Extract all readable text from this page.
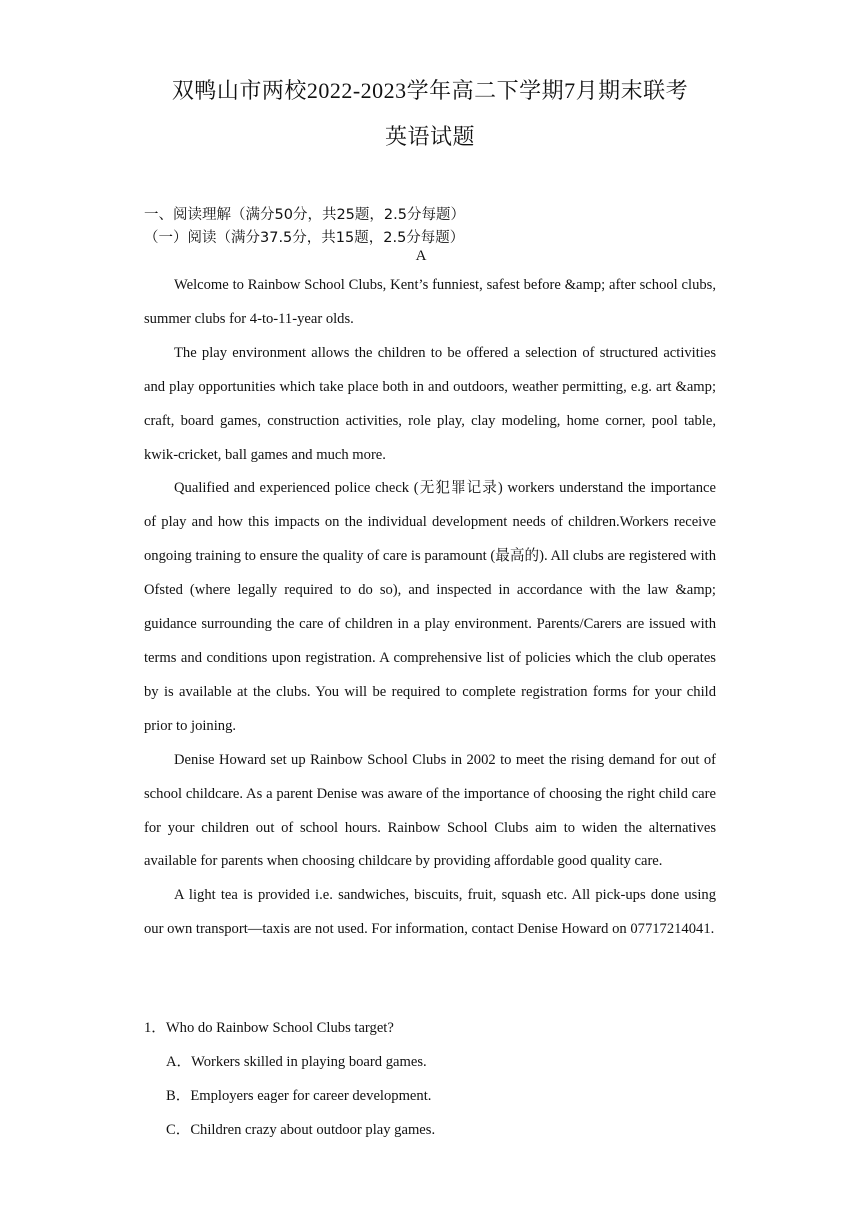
双鸭山市两校2022-2023学年高二下学期7月期末联考
英语试题
一、阅读理解（满分50分，共25题，2.5分每题）
（一）阅读（满分37.5分，共15题，2.5分每题）
A

Welcome to Rainbow School Clubs, Kent’s funniest, safest before &amp; after school clubs, summer clubs for 4-to-11-year olds.

The play environment allows the children to be offered a selection of structured activities and play opportunities which take place both in and outdoors, weather permitting, e.g. art &amp; craft, board games, construction activities, role play, clay modeling, home corner, pool table, kwik-cricket, ball games and much more.

Qualified and experienced police check (无犯罪记录) workers understand the importance of play and how this impacts on the individual development needs of children.Workers receive ongoing training to ensure the quality of care is paramount (最高的). All clubs are registered with Ofsted (where legally required to do so), and inspected in accordance with the law &amp; guidance surrounding the care of children in a play environment. Parents/Carers are issued with terms and conditions upon registration. A comprehensive list of policies which the club operates by is available at the clubs. You will be required to complete registration forms for your child prior to joining.

Denise Howard set up Rainbow School Clubs in 2002 to meet the rising demand for out of school childcare. As a parent Denise was aware of the importance of choosing the right child care for your children out of school hours. Rainbow School Clubs aim to widen the alternatives available for parents when choosing childcare by providing affordable good quality care.

A light tea is provided i.e. sandwiches, biscuits, fruit, squash etc. All pick-ups done using our own transport—taxis are not used. For information, contact Denise Howard on 07717214041.

1．Who do Rainbow School Clubs target?

A．Workers skilled in playing board games.

B．Employers eager for career development.

C．Children crazy about outdoor play games.
